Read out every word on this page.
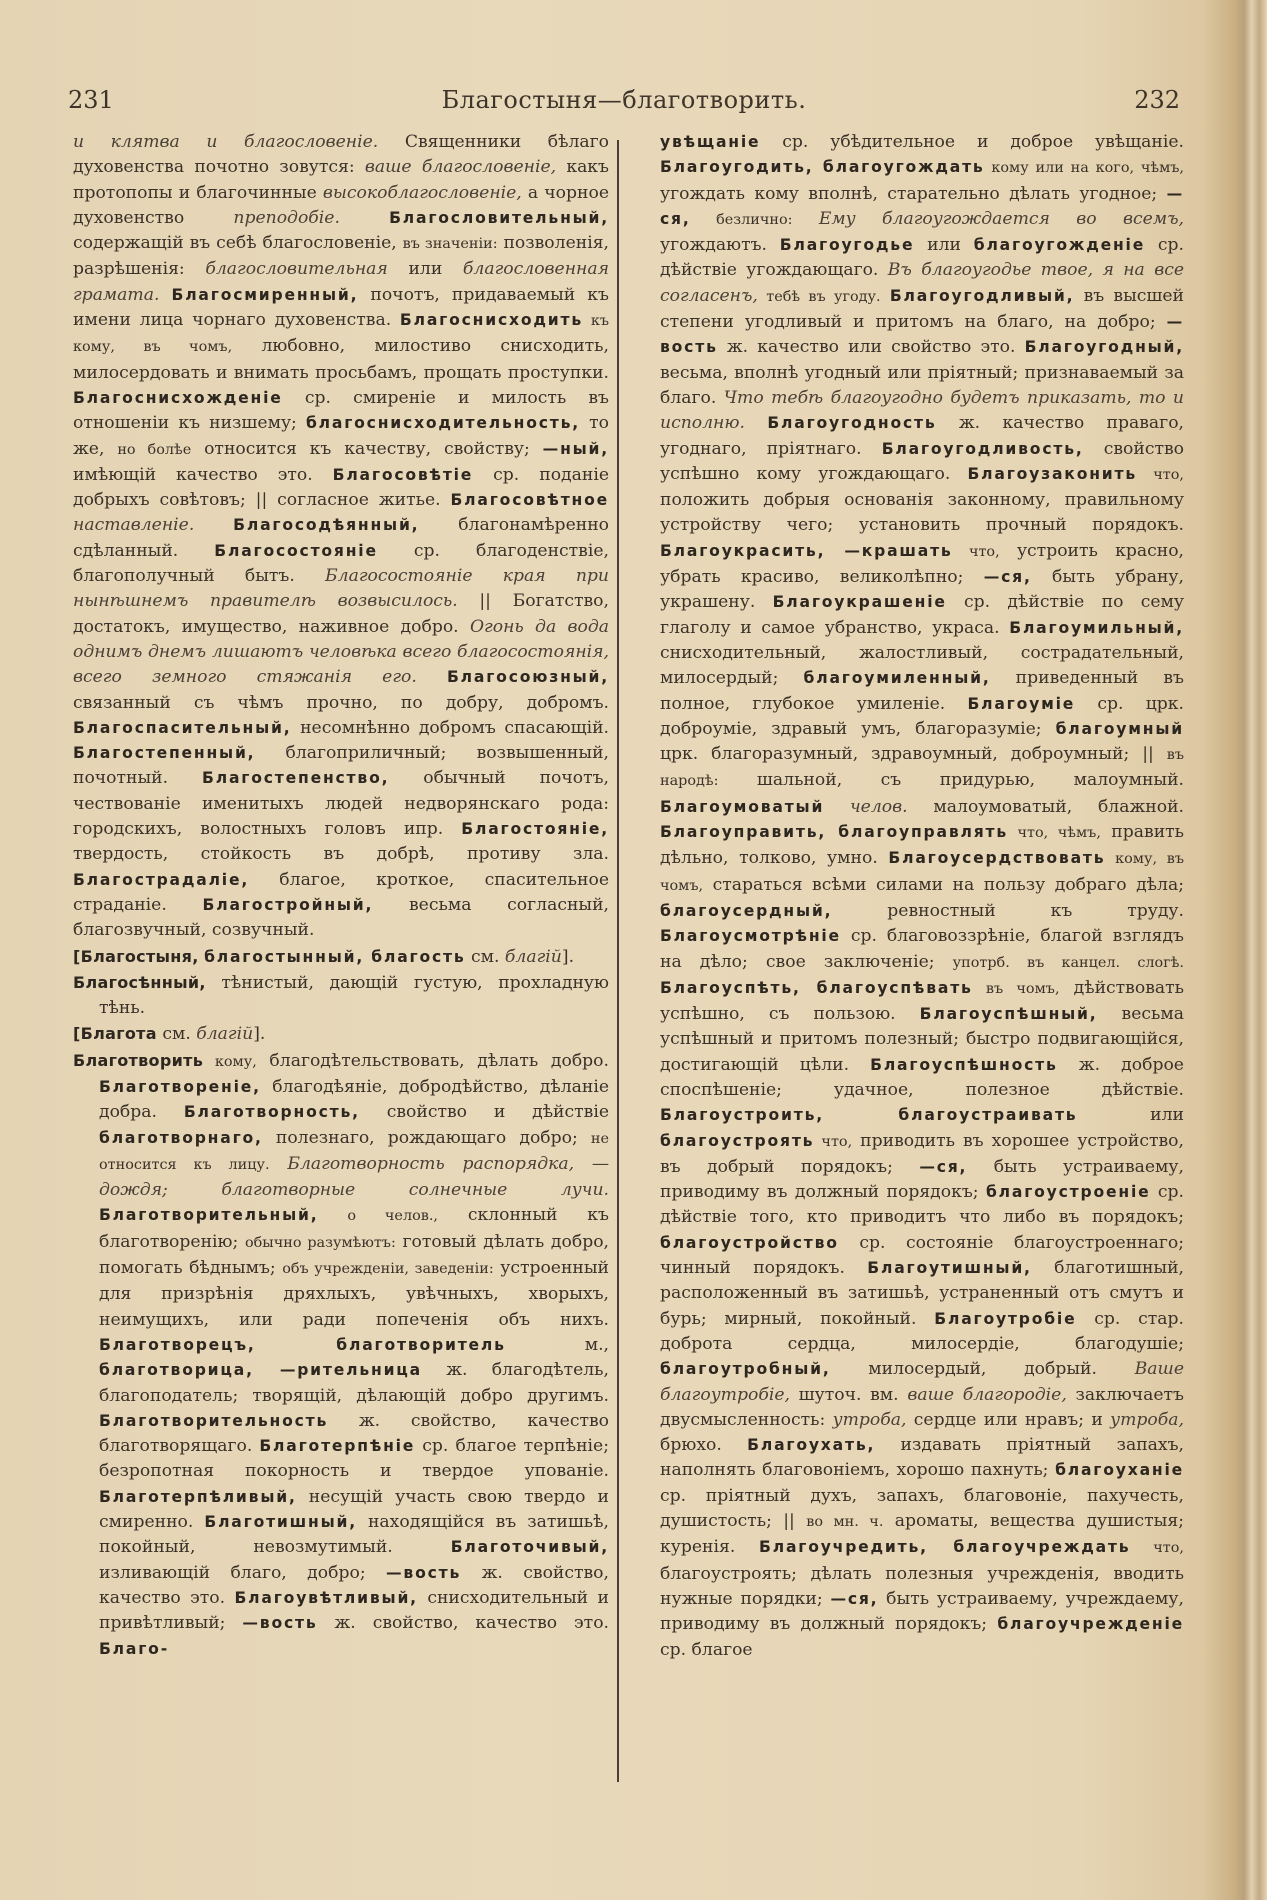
231	Благостыня—благотворить.	232

и клятва и благословеніе. Священники бѣлаго духовенства почотно зовутся: ваше благословеніе, какъ протопопы и благочинные высокоблагословеніе, а чорное духовенство преподобіе.	Благословительный, содержащій въ себѣ благословеніе, въ значеніи: позволенія, разрѣшенія: благословительная или благословенная грамата. Благосмиренный, почотъ, придаваемый къ имени лица чорнаго духовенства. Благоснисходить къ кому, въ чомъ, любовно, милостиво снисходить, милосердовать и внимать просьбамъ, прощать проступки. Благоснисхожденіе ср. смиреніе и милость въ отношеніи къ низшему; благоснисходительность, то же, но болѣе относится къ качеству, свойству; —ный, имѣющій качество это. Благосовѣтіе ср. поданіе добрыхъ совѣтовъ; || согласное житье. Благосовѣтное наставленіе. Благосодѣянный, благонамѣренно сдѣланный. Благосостояніе ср. благоденствіе, благополучный бытъ. Благосостояніе края при нынѣшнемъ правителѣ возвысилось. || Богатство, достатокъ, имущество, наживное добро. Огонь да вода однимъ днемъ лишаютъ человѣка всего благосостоянія, всего земного стяжанія его. Благосоюзный, связанный съ чѣмъ прочно, по добру, добромъ. Благоспасительный, несомнѣнно добромъ спасающій. Благостепенный, благоприличный; возвышенный, почотный. Благостепенство, обычный почотъ, чествованіе именитыхъ людей недворянскаго рода: городскихъ, волостныхъ головъ ипр. Благостояніе, твердость, стойкость въ добрѣ, противу зла. Благострадаліе, благое, кроткое, спасительное страданіе. Благостройный, весьма согласный, благозвучный, созвучный.

[Благостыня, благостынный, благость см. благій].

Благосѣнный, тѣнистый, дающій густую, прохладную тѣнь.

[Благота см. благій].

Благотворить кому, благодѣтельствовать, дѣлать добро. Благотвореніе, благодѣяніе, добродѣйство, дѣланіе добра. Благотворность, свойство и дѣйствіе благотворнаго, полезнаго, рождающаго добро; не относится къ лицу. Благотворность распорядка, — дождя; благотворные солнечные лучи. Благотворительный, о челов., склонный къ благотворенію; обычно разумѣютъ: готовый дѣлать добро, помогать бѣднымъ; объ учрежденіи, заведеніи: устроенный для призрѣнія дряхлыхъ, увѣчныхъ, хворыхъ, неимущихъ, или ради попеченія объ нихъ. Благотворецъ, благотворитель м., благотворица, —рительница ж. благодѣтель, благоподатель; творящій, дѣлающій добро другимъ. Благотворительность ж. свойство, качество благотворящаго. Благотерпѣніе ср. благое терпѣніе; безропотная покорность и твердое упованіе. Благотерпѣливый, несущій участь свою твердо и смиренно. Благотишный, находящійся въ затишьѣ, покойный, невозмутимый. Благоточивый, изливающій благо, добро; —вость ж. свойство, качество это. Благоувѣтливый, снисходительный и привѣтливый; —вость ж. свойство, качество это. Благо-

увѣщаніе ср. убѣдительное и доброе увѣщаніе. Благоугодить, благоугождать кому или на кого, чѣмъ, угождать кому вполнѣ, старательно дѣлать угодное; —ся, безлично: Ему благоугождается во всемъ, угождаютъ. Благоугодье или благоугожденіе ср. дѣйствіе угождающаго. Въ благоугодье твое, я на все согласенъ, тебѣ въ угоду. Благоугодливый, въ высшей степени угодливый и притомъ на благо, на добро; —вость ж. качество или свойство это. Благоугодный, весьма, вполнѣ угодный или пріятный; признаваемый за благо. Что тебѣ благоугодно будетъ приказать, то и исполню. Благоугодность ж. качество праваго, угоднаго, пріятнаго. Благоугодливость, свойство успѣшно кому угождающаго. Благоузаконить что, положить добрыя основанія законному, правильному устройству чего; установить прочный порядокъ. Благоукрасить, —крашать что, устроить красно, убрать красиво, великолѣпно; —ся, быть убрану, украшену. Благоукрашеніе ср. дѣйствіе по сему глаголу и самое убранство, украса. Благоумильный, снисходительный, жалостливый, сострадательный, милосердый; благоумиленный, приведенный въ полное, глубокое умиленіе. Благоуміе ср. црк. доброуміе, здравый умъ, благоразуміе; благоумный црк. благоразумный, здравоумный, доброумный; || въ народѣ: шальной, съ придурью, малоумный. Благоумоватый челов. малоумоватый, блажной. Благоуправить, благоуправлять что, чѣмъ, править дѣльно, толково, умно. Благоусердствовать кому, въ чомъ, стараться всѣми силами на пользу добраго дѣла; благоусердный, ревностный къ труду. Благоусмотрѣніе ср. благовоззрѣніе, благой взглядъ на дѣло; свое заключеніе; употрб. въ канцел. слогѣ. Благоуспѣть, благоуспѣвать въ чомъ, дѣйствовать успѣшно, съ пользою. Благоуспѣшный, весьма успѣшный и притомъ полезный; быстро подвигающійся, достигающій цѣли. Благоуспѣшность ж. доброе споспѣшеніе; удачное, полезное дѣйствіе. Благоустроить, благоустраивать или благоустроять что, приводить въ хорошее устройство, въ добрый порядокъ; —ся, быть устраиваему, приводиму въ должный порядокъ; благоустроеніе ср. дѣйствіе того, кто приводитъ что либо въ порядокъ; благоустройство ср. состояніе благоустроеннаго; чинный порядокъ. Благоутишный, благотишный, расположенный въ затишьѣ, устраненный отъ смутъ и бурь; мирный, покойный. Благоутробіе ср. стар. доброта сердца, милосердіе, благодушіе; благоутробный, милосердый, добрый. Ваше благоутробіе, шуточ. вм. ваше благородіе, заключаетъ двусмысленность: утроба, сердце или нравъ; и утроба, брюхо. Благоухать, издавать пріятный запахъ, наполнять благовоніемъ, хорошо пахнуть; благоуханіе ср. пріятный духъ, запахъ, благовоніе, пахучесть, душистость; || во мн. ч. ароматы, вещества душистыя; куренія. Благоучредить, благоучреждать что, благоустроять; дѣлать полезныя учрежденія, вводить нужные порядки; —ся, быть устраиваему, учреждаему, приводиму въ должный порядокъ; благоучрежденіе ср. благое
